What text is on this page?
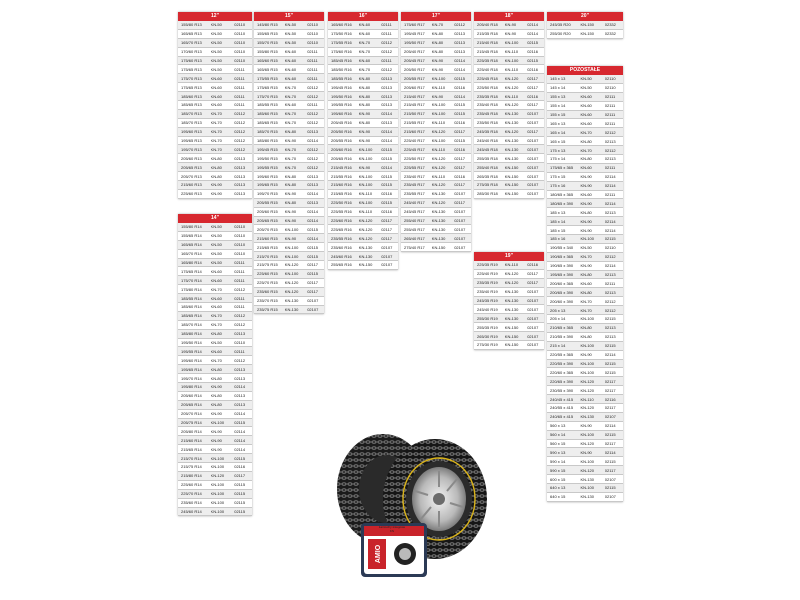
12"
155/80 R13	KN-50	02110
165/65 R13	KN-50	02110
165/70 R13	KN-50	02110
170/60 R13	KN-50	02110
175/60 R13	KN-50	02110
175/65 R13	KN-50	02111
175/70 R13	KN-60	02111
175/65 R13	KN-60	02111
185/60 R13	KN-60	02111
185/65 R13	KN-60	02111
185/70 R13	KN-70	02112
185/70 R13	KN-70	02112
195/60 R13	KN-70	02112
195/65 R13	KN-70	02112
195/70 R13	KN-70	02112
205/60 R13	KN-80	02113
205/65 R13	KN-80	02113
205/70 R13	KN-80	02113
215/60 R13	KN-90	02113
225/60 R13	KN-90	02113
14"
155/80 R14	KN-50	02110
155/65 R14	KN-50	02110
165/65 R14	KN-50	02110
165/70 R14	KN-50	02110
165/80 R14	KN-50	02111
175/65 R14	KN-60	02111
175/70 R14	KN-60	02111
175/80 R14	KN-70	02112
185/55 R14	KN-60	02111
185/60 R14	KN-60	02111
185/65 R14	KN-70	02112
185/70 R14	KN-70	02112
185/80 R14	KN-80	02113
195/50 R14	KN-50	02110
195/55 R14	KN-60	02111
195/60 R14	KN-70	02112
195/65 R14	KN-80	02113
195/70 R14	KN-80	02113
195/80 R14	KN-90	02114
205/60 R14	KN-80	02113
205/65 R14	KN-80	02113
205/70 R14	KN-90	02114
205/75 R14	KN-100	02115
205/80 R14	KN-90	02114
215/60 R14	KN-90	02114
215/65 R14	KN-90	02114
215/70 R14	KN-100	02115
215/75 R14	KN-100	02116
215/80 R14	KN-120	02117
225/60 R14	KN-100	02115
225/70 R14	KN-100	02115
235/60 R14	KN-100	02115
245/60 R14	KN-100	02115
15"
145/80 R15	KN-50	02110
155/65 R15	KN-50	02110
155/70 R15	KN-50	02110
155/80 R15	KN-60	02111
165/60 R15	KN-60	02111
165/65 R15	KN-60	02111
175/55 R15	KN-60	02111
175/65 R15	KN-70	02112
175/70 R15	KN-70	02112
185/55 R15	KN-60	02111
185/60 R15	KN-70	02112
185/65 R15	KN-70	02112
185/70 R15	KN-80	02113
185/80 R15	KN-90	02114
195/45 R15	KN-70	02112
195/50 R15	KN-70	02112
195/55 R15	KN-70	02112
195/60 R15	KN-80	02113
195/65 R15	KN-80	02113
195/70 R15	KN-90	02114
205/55 R15	KN-80	02113
205/60 R15	KN-90	02114
205/65 R15	KN-90	02114
205/70 R15	KN-100	02115
215/60 R15	KN-90	02114
215/65 R15	KN-100	02115
215/70 R15	KN-100	02115
215/75 R15	KN-120	02117
225/60 R15	KN-100	02115
225/70 R15	KN-120	02117
235/60 R15	KN-120	02117
235/70 R15	KN-130	02107
235/75 R15	KN-130	02107
16"
165/60 R16	KN-60	02111
175/50 R16	KN-60	02111
175/55 R16	KN-70	02112
175/60 R16	KN-70	02112
185/45 R16	KN-60	02111
185/50 R16	KN-70	02112
185/55 R16	KN-80	02113
195/45 R16	KN-80	02113
195/50 R16	KN-80	02113
195/55 R16	KN-80	02113
195/60 R16	KN-90	02114
205/45 R16	KN-80	02113
205/50 R16	KN-90	02114
205/55 R16	KN-90	02114
205/60 R16	KN-100	02115
205/65 R16	KN-100	02115
215/45 R16	KN-90	02114
215/55 R16	KN-100	02115
215/60 R16	KN-100	02115
215/65 R16	KN-110	02116
225/50 R16	KN-100	02115
225/55 R16	KN-110	02116
225/60 R16	KN-120	02117
225/65 R16	KN-120	02117
235/55 R16	KN-120	02117
235/60 R16	KN-130	02107
245/60 R16	KN-130	02107
255/65 R16	KN-150	02107
17"
175/60 R17	KN-70	02112
195/45 R17	KN-80	02113
195/50 R17	KN-80	02113
205/40 R17	KN-80	02113
205/45 R17	KN-90	02114
205/50 R17	KN-90	02114
205/55 R17	KN-100	02115
205/60 R17	KN-110	02116
215/40 R17	KN-90	02114
215/45 R17	KN-100	02115
215/50 R17	KN-100	02115
215/55 R17	KN-110	02116
215/60 R17	KN-120	02117
225/40 R17	KN-100	02115
225/45 R17	KN-110	02116
225/50 R17	KN-120	02117
225/55 R17	KN-120	02117
235/40 R17	KN-110	02116
235/45 R17	KN-120	02117
235/55 R17	KN-130	02107
245/40 R17	KN-120	02117
245/45 R17	KN-130	02107
255/40 R17	KN-130	02107
255/45 R17	KN-130	02107
265/40 R17	KN-130	02107
275/40 R17	KN-150	02107
18"
205/40 R18	KN-90	02114
215/35 R18	KN-90	02114
215/40 R18	KN-100	02115
215/45 R18	KN-110	02116
225/35 R18	KN-100	02115
225/40 R18	KN-110	02116
225/45 R18	KN-120	02117
225/50 R18	KN-120	02117
235/35 R18	KN-110	02116
235/40 R18	KN-120	02117
235/45 R18	KN-130	02107
235/50 R18	KN-130	02107
245/35 R18	KN-120	02117
245/40 R18	KN-130	02107
245/45 R18	KN-130	02107
255/35 R18	KN-130	02107
255/40 R18	KN-150	02107
265/35 R18	KN-150	02107
275/35 R18	KN-150	02107
285/30 R18	KN-150	02107
19"
225/35 R19	KN-110	02116
225/40 R19	KN-120	02117
235/35 R19	KN-120	02117
235/40 R19	KN-130	02107
245/35 R19	KN-130	02107
245/40 R19	KN-130	02107
255/30 R19	KN-130	02107
255/35 R19	KN-150	02107
265/30 R19	KN-150	02107
275/30 R19	KN-150	02107
20"
245/35 R20	KN-150	02332
255/30 R20	KN-150	02332
POZOSTAŁE
145 x 13	KN-50	02110
145 x 14	KN-50	02110
155 x 13	KN-60	02111
155 x 14	KN-60	02111
155 x 15	KN-60	02111
165 x 13	KN-60	02111
165 x 14	KN-70	02112
165 x 15	KN-80	02113
175 x 13	KN-70	02112
175 x 14	KN-80	02113
175/65 x 365	KN-60	02111
175 x 15	KN-90	02114
175 x 16	KN-90	02114
180/65 x 365	KN-60	02111
180/65 x 390	KN-90	02114
185 x 13	KN-80	02113
185 x 14	KN-90	02114
185 x 15	KN-90	02114
185 x 16	KN-100	02115
190/55 x 340	KN-50	02110
190/65 x 365	KN-70	02112
190/65 x 390	KN-90	02114
195/65 x 390	KN-80	02113
200/60 x 365	KN-60	02111
200/65 x 390	KN-80	02113
200/60 x 390	KN-70	02112
205 x 13	KN-70	02112
205 x 14	KN-100	02115
210/65 x 365	KN-80	02113
210/55 x 390	KN-80	02113
215 x 14	KN-100	02115
220/55 x 365	KN-90	02114
220/55 x 390	KN-100	02115
220/60 x 365	KN-100	02115
220/65 x 390	KN-120	02117
230/55 x 390	KN-120	02117
240/45 x 415	KN-110	02116
240/55 x 415	KN-120	02117
240/65 x 415	KN-130	02107
560 x 13	KN-90	02114
560 x 14	KN-100	02115
560 x 15	KN-120	02117
590 x 13	KN-90	02114
590 x 14	KN-100	02115
590 x 15	KN-120	02117
600 x 15	KN-130	02107
640 x 13	KN-100	02115
640 x 15	KN-130	02107
AMIO
Łańcuchy śniegowe
KN
